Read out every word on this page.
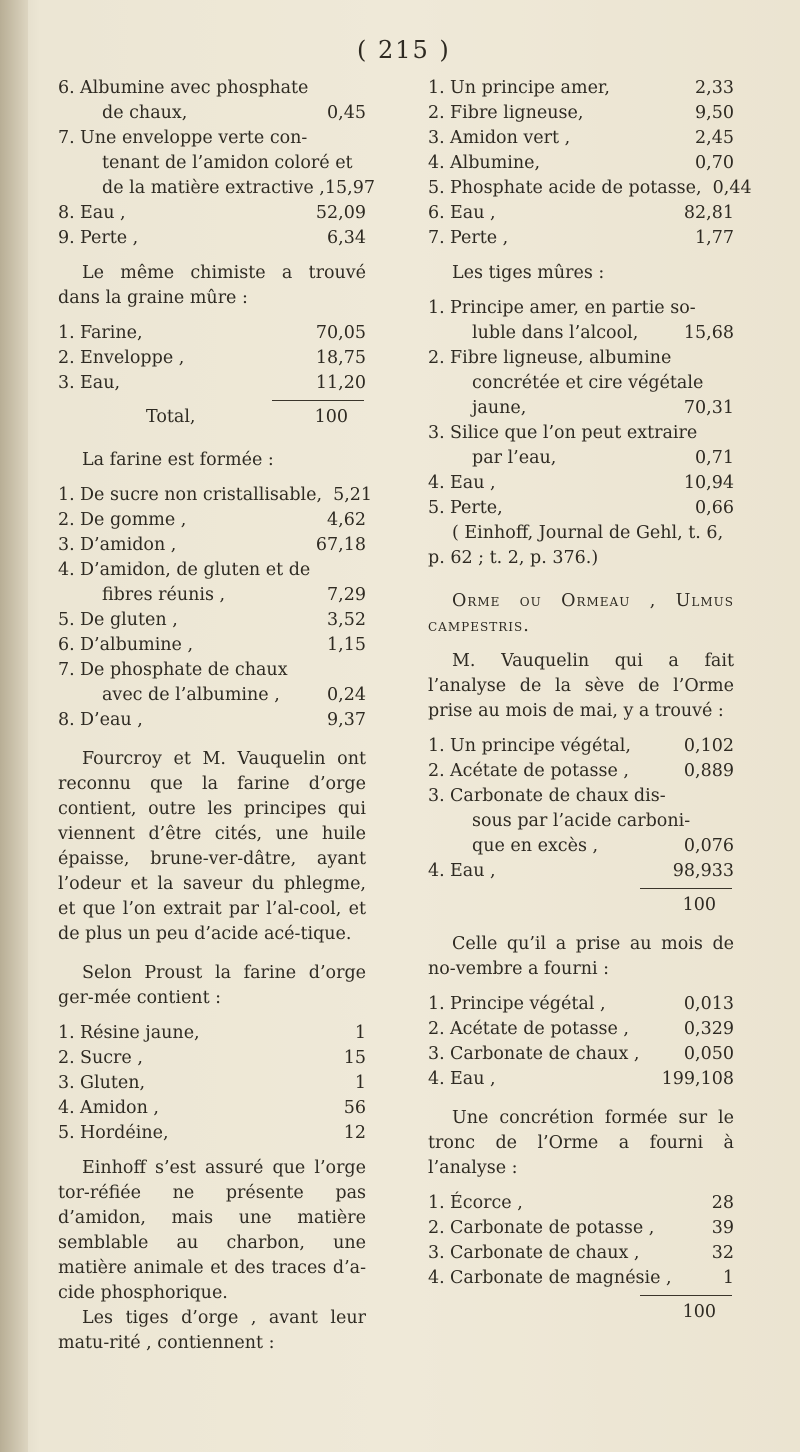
( 215 )
6. Albumine avec phosphate
de chaux,	0,45
7. Une enveloppe verte con-
tenant de l’amidon coloré et
de la matière extractive , 15,97
8. Eau ,	52,09
9. Perte ,	6,34
Le même chimiste a trouvé dans la graine mûre :
1. Farine,	70,05
2. Enveloppe ,	18,75
3. Eau,	11,20
Total,	100
La farine est formée :
1. De sucre non cristallisable, 5,21
2. De gomme ,	4,62
3. D’amidon ,	67,18
4. D’amidon, de gluten et de
fibres réunis ,	7,29
5. De gluten ,	3,52
6. D’albumine ,	1,15
7. De phosphate de chaux
avec de l’albumine ,	0,24
8. D’eau ,	9,37
Fourcroy et M. Vauquelin ont reconnu que la farine d’orge contient, outre les principes qui viennent d’être cités, une huile épaisse, brune-ver-dâtre, ayant l’odeur et la saveur du phlegme, et que l’on extrait par l’al-cool, et de plus un peu d’acide acé-tique.
Selon Proust la farine d’orge ger-mée contient :
1. Résine jaune,	1
2. Sucre ,	15
3. Gluten,	1
4. Amidon ,	56
5. Hordéine,	12
Einhoff s’est assuré que l’orge tor-réfiée ne présente pas d’amidon, mais une matière semblable au charbon, une matière animale et des traces d’a-cide phosphorique.
Les tiges d’orge , avant leur matu-rité , contiennent :
1. Un principe amer,	2,33
2. Fibre ligneuse,	9,50
3. Amidon vert ,	2,45
4. Albumine,	0,70
5. Phosphate acide de potasse, 0,44
6. Eau ,	82,81
7. Perte ,	1,77
Les tiges mûres :
1. Principe amer, en partie so-
luble dans l’alcool,	15,68
2. Fibre ligneuse, albumine
concrétée et cire végétale
jaune,	70,31
3. Silice que l’on peut extraire
par l’eau,	0,71
4. Eau ,	10,94
5. Perte,	0,66
( Einhoff, Journal de Gehl, t. 6,
p. 62 ; t. 2, p. 376.)
Orme ou Ormeau , Ulmus campestris.
M. Vauquelin qui a fait l’analyse de la sève de l’Orme prise au mois de mai, y a trouvé :
1. Un principe végétal,	0,102
2. Acétate de potasse ,	0,889
3. Carbonate de chaux dis-
sous par l’acide carboni-
que en excès ,	0,076
4. Eau ,	98,933
100
Celle qu’il a prise au mois de no-vembre a fourni :
1. Principe végétal ,	0,013
2. Acétate de potasse ,	0,329
3. Carbonate de chaux ,	0,050
4. Eau ,	199,108
Une concrétion formée sur le tronc de l’Orme a fourni à l’analyse :
1. Écorce ,	28
2. Carbonate de potasse ,	39
3. Carbonate de chaux ,	32
4. Carbonate de magnésie ,	1
100
